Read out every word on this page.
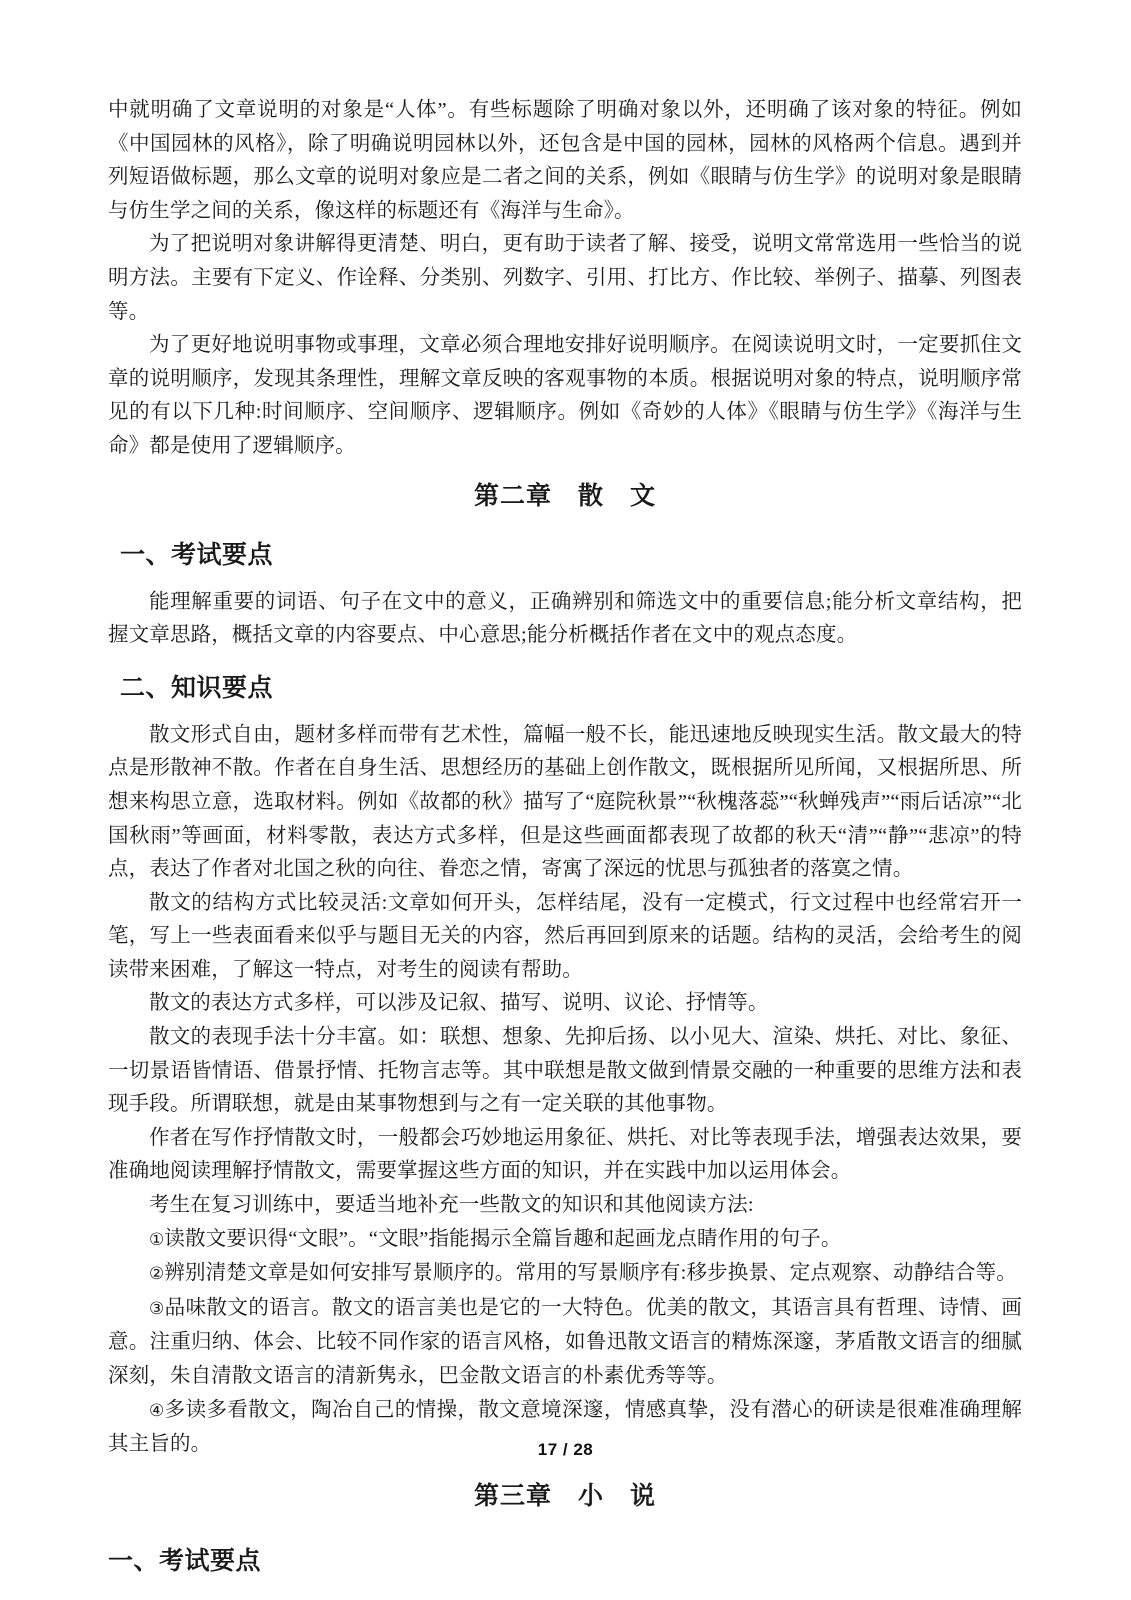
中就明确了文章说明的对象是“人体”。有些标题除了明确对象以外，还明确了该对象的特征。例如《中国园林的风格》，除了明确说明园林以外，还包含是中国的园林，园林的风格两个信息。遇到并列短语做标题，那么文章的说明对象应是二者之间的关系，例如《眼睛与仿生学》的说明对象是眼睛与仿生学之间的关系，像这样的标题还有《海洋与生命》。

为了把说明对象讲解得更清楚、明白，更有助于读者了解、接受，说明文常常选用一些恰当的说明方法。主要有下定义、作诠释、分类别、列数字、引用、打比方、作比较、举例子、描摹、列图表等。

为了更好地说明事物或事理，文章必须合理地安排好说明顺序。在阅读说明文时，一定要抓住文章的说明顺序，发现其条理性，理解文章反映的客观事物的本质。根据说明对象的特点，说明顺序常见的有以下几种:时间顺序、空间顺序、逻辑顺序。例如《奇妙的人体》《眼睛与仿生学》《海洋与生命》都是使用了逻辑顺序。

第二章　散　文
一、考试要点

能理解重要的词语、句子在文中的意义，正确辨别和筛选文中的重要信息;能分析文章结构，把握文章思路，概括文章的内容要点、中心意思;能分析概括作者在文中的观点态度。

二、知识要点

散文形式自由，题材多样而带有艺术性，篇幅一般不长，能迅速地反映现实生活。散文最大的特点是形散神不散。作者在自身生活、思想经历的基础上创作散文，既根据所见所闻，又根据所思、所想来构思立意，选取材料。例如《故都的秋》描写了“庭院秋景”“秋槐落蕊”“秋蝉残声”“雨后话凉”“北国秋雨”等画面，材料零散，表达方式多样，但是这些画面都表现了故都的秋天“清”“静”“悲凉”的特点，表达了作者对北国之秋的向往、眷恋之情，寄寓了深远的忧思与孤独者的落寞之情。

散文的结构方式比较灵活:文章如何开头，怎样结尾，没有一定模式，行文过程中也经常宕开一笔，写上一些表面看来似乎与题目无关的内容，然后再回到原来的话题。结构的灵活，会给考生的阅读带来困难，了解这一特点，对考生的阅读有帮助。

散文的表达方式多样，可以涉及记叙、描写、说明、议论、抒情等。

散文的表现手法十分丰富。如：联想、想象、先抑后扬、以小见大、渲染、烘托、对比、象征、一切景语皆情语、借景抒情、托物言志等。其中联想是散文做到情景交融的一种重要的思维方法和表现手段。所谓联想，就是由某事物想到与之有一定关联的其他事物。

作者在写作抒情散文时，一般都会巧妙地运用象征、烘托、对比等表现手法，增强表达效果，要准确地阅读理解抒情散文，需要掌握这些方面的知识，并在实践中加以运用体会。

考生在复习训练中，要适当地补充一些散文的知识和其他阅读方法:

①读散文要识得“文眼”。“文眼”指能揭示全篇旨趣和起画龙点睛作用的句子。

②辨别清楚文章是如何安排写景顺序的。常用的写景顺序有:移步换景、定点观察、动静结合等。

③品味散文的语言。散文的语言美也是它的一大特色。优美的散文，其语言具有哲理、诗情、画意。注重归纳、体会、比较不同作家的语言风格，如鲁迅散文语言的精炼深邃，茅盾散文语言的细腻深刻，朱自清散文语言的清新隽永，巴金散文语言的朴素优秀等等。

④多读多看散文，陶冶自己的情操，散文意境深邃，情感真挚，没有潜心的研读是很难准确理解其主旨的。

第三章　小　说
一、考试要点
17 / 28
